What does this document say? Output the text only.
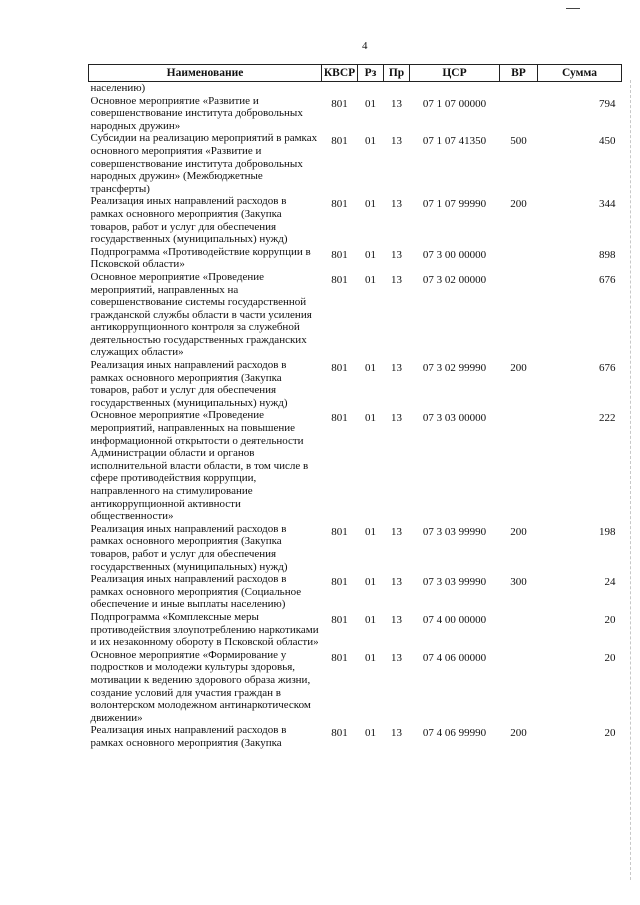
4
Наименование	КВСР	Рз	Пр	ЦСР	ВР	Сумма
населению)						
Основное мероприятие «Развитие и совершенствование института добровольных народных дружин»	801	01	13	07 1 07 00000		794
Субсидии на реализацию мероприятий в рамках основного мероприятия «Развитие и совершенствование института добровольных народных дружин» (Межбюджетные трансферты)	801	01	13	07 1 07 41350	500	450
Реализация иных направлений расходов в рамках основного мероприятия (Закупка товаров, работ и услуг для обеспечения государственных (муниципальных) нужд)	801	01	13	07 1 07 99990	200	344
Подпрограмма «Противодействие коррупции в Псковской области»	801	01	13	07 3 00 00000		898
Основное мероприятие «Проведение мероприятий, направленных на совершенствование системы государственной гражданской службы области в части усиления антикоррупционного контроля за служебной деятельностью государственных гражданских служащих области»	801	01	13	07 3 02 00000		676
Реализация иных направлений расходов в рамках основного мероприятия (Закупка товаров, работ и услуг для обеспечения государственных (муниципальных) нужд)	801	01	13	07 3 02 99990	200	676
Основное мероприятие «Проведение мероприятий, направленных на повышение информационной открытости о деятельности Администрации области и органов исполнительной власти области, в том числе в сфере противодействия коррупции, направленного на стимулирование антикоррупционной активности общественности»	801	01	13	07 3 03 00000		222
Реализация иных направлений расходов в рамках основного мероприятия (Закупка товаров, работ и услуг для обеспечения государственных (муниципальных) нужд)	801	01	13	07 3 03 99990	200	198
Реализация иных направлений расходов в рамках основного мероприятия (Социальное обеспечение и иные выплаты населению)	801	01	13	07 3 03 99990	300	24
Подпрограмма «Комплексные меры противодействия злоупотреблению наркотиками и их незаконному обороту в Псковской области»	801	01	13	07 4 00 00000		20
Основное мероприятие «Формирование у подростков и молодежи культуры здоровья, мотивации к ведению здорового образа жизни, создание условий для участия граждан в волонтерском молодежном антинаркотическом движении»	801	01	13	07 4 06 00000		20
Реализация иных направлений расходов в рамках основного мероприятия (Закупка	801	01	13	07 4 06 99990	200	20
